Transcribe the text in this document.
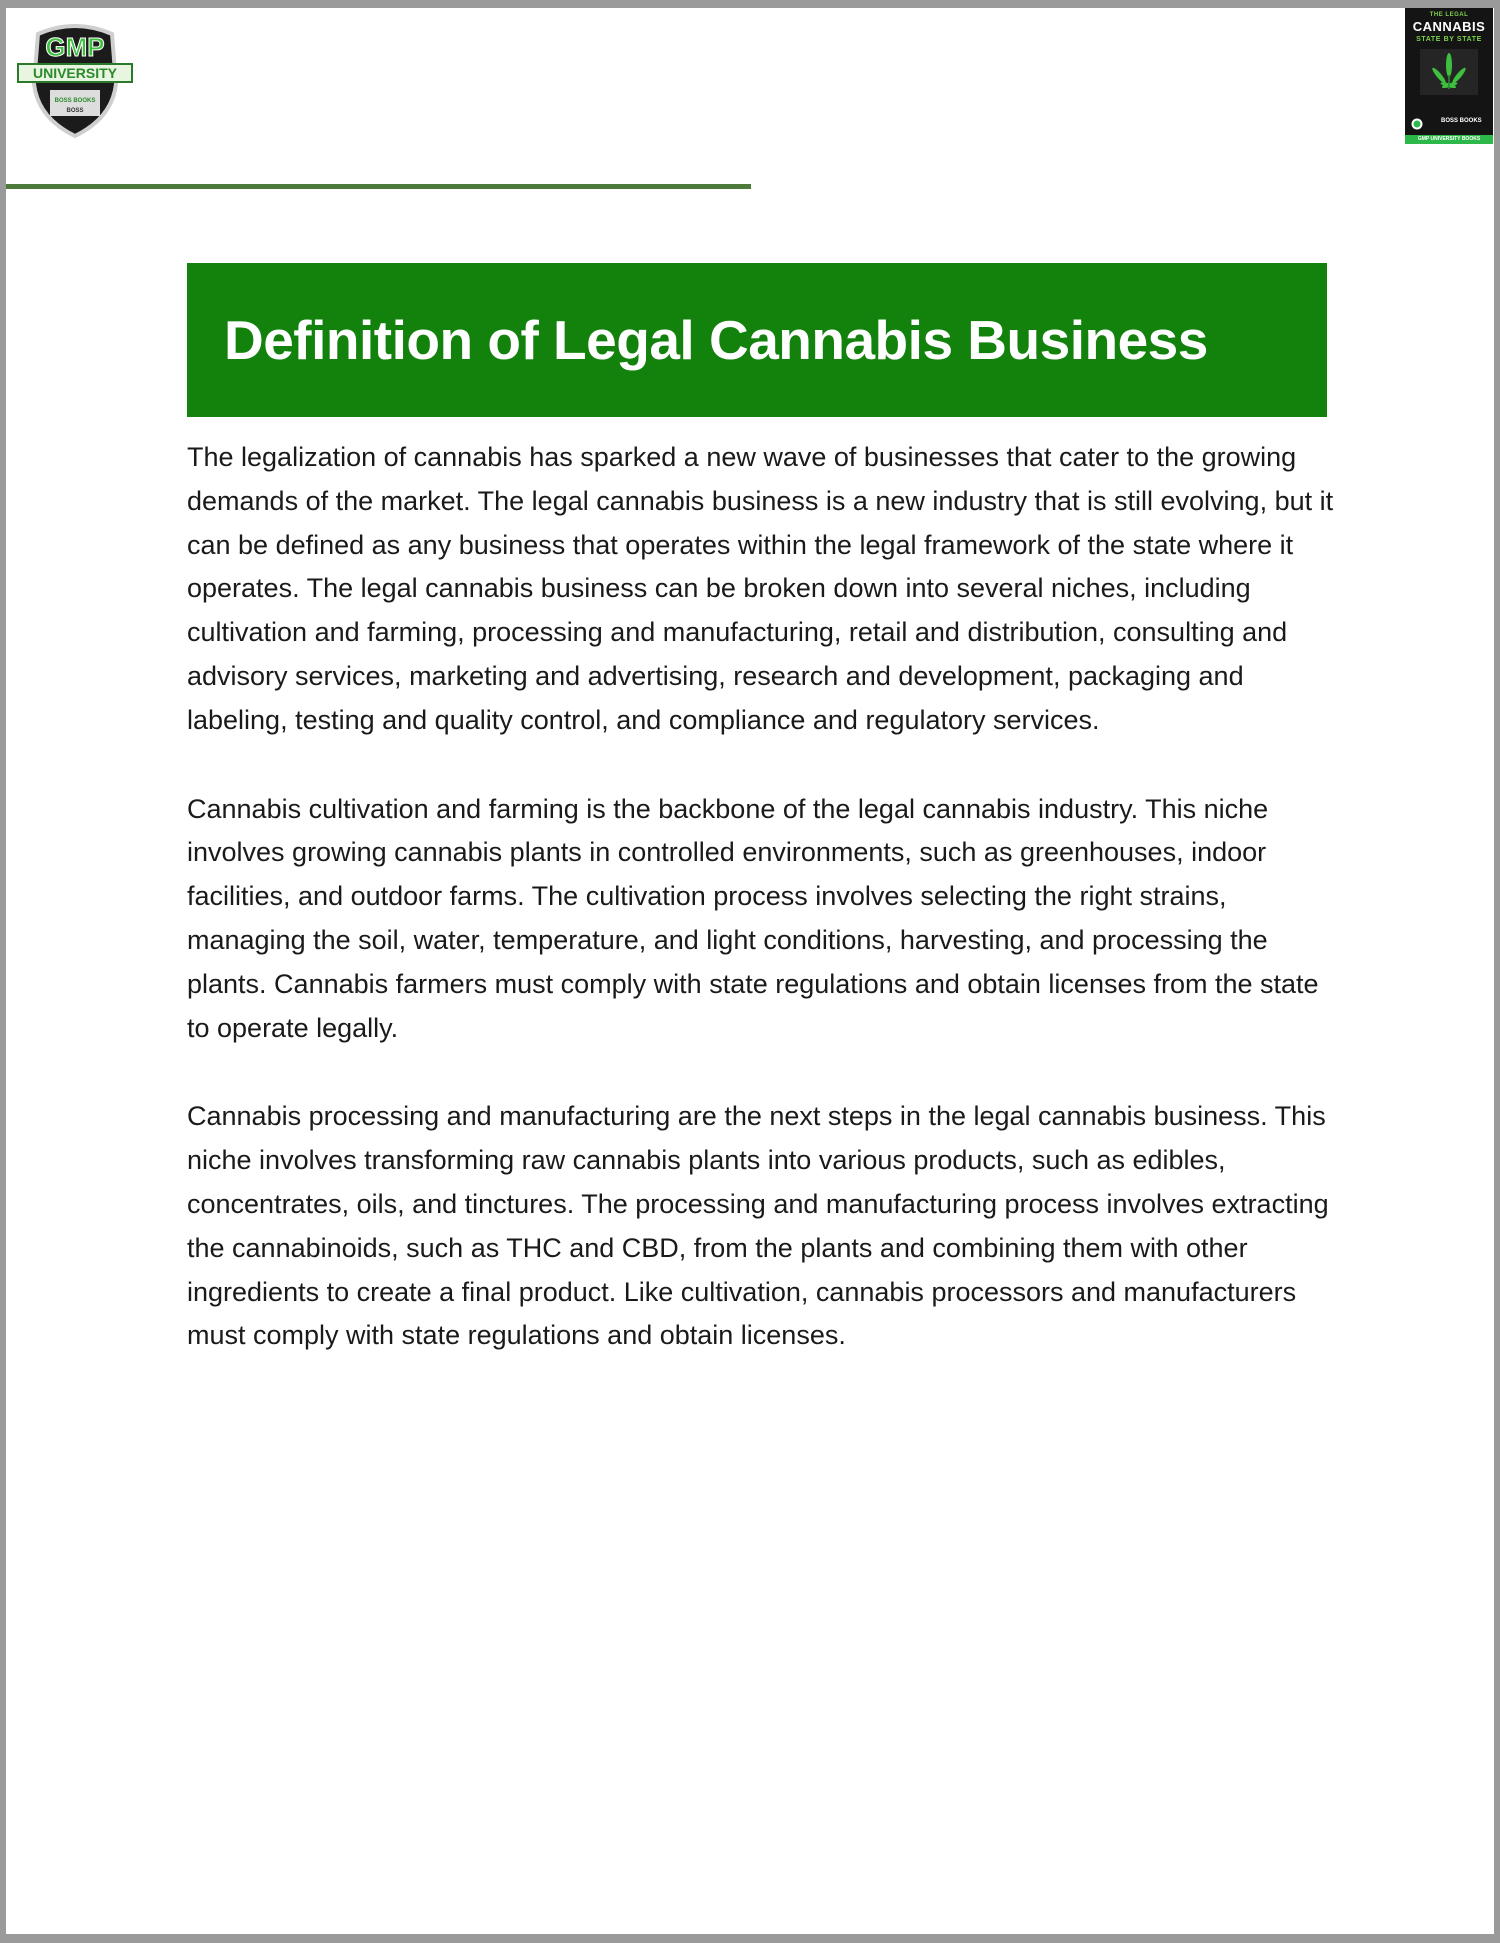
GMP
UNIVERSITY
BOSS BOOKS
BOSS
THE LEGAL
CANNABIS
STATE BY STATE
BOSS BOOKS
GMP UNIVERSITY BOOKS
Definition of Legal Cannabis Business

The legalization of cannabis has sparked a new wave of businesses that cater to the growing demands of the market. The legal cannabis business is a new industry that is still evolving, but it can be defined as any business that operates within the legal framework of the state where it operates. The legal cannabis business can be broken down into several niches, including cultivation and farming, processing and manufacturing, retail and distribution, consulting and advisory services, marketing and advertising, research and development, packaging and labeling, testing and quality control, and compliance and regulatory services.

Cannabis cultivation and farming is the backbone of the legal cannabis industry. This niche involves growing cannabis plants in controlled environments, such as greenhouses, indoor facilities, and outdoor farms. The cultivation process involves selecting the right strains, managing the soil, water, temperature, and light conditions, harvesting, and processing the plants. Cannabis farmers must comply with state regulations and obtain licenses from the state to operate legally.

Cannabis processing and manufacturing are the next steps in the legal cannabis business. This niche involves transforming raw cannabis plants into various products, such as edibles, concentrates, oils, and tinctures. The processing and manufacturing process involves extracting the cannabinoids, such as THC and CBD, from the plants and combining them with other ingredients to create a final product. Like cultivation, cannabis processors and manufacturers must comply with state regulations and obtain licenses.
